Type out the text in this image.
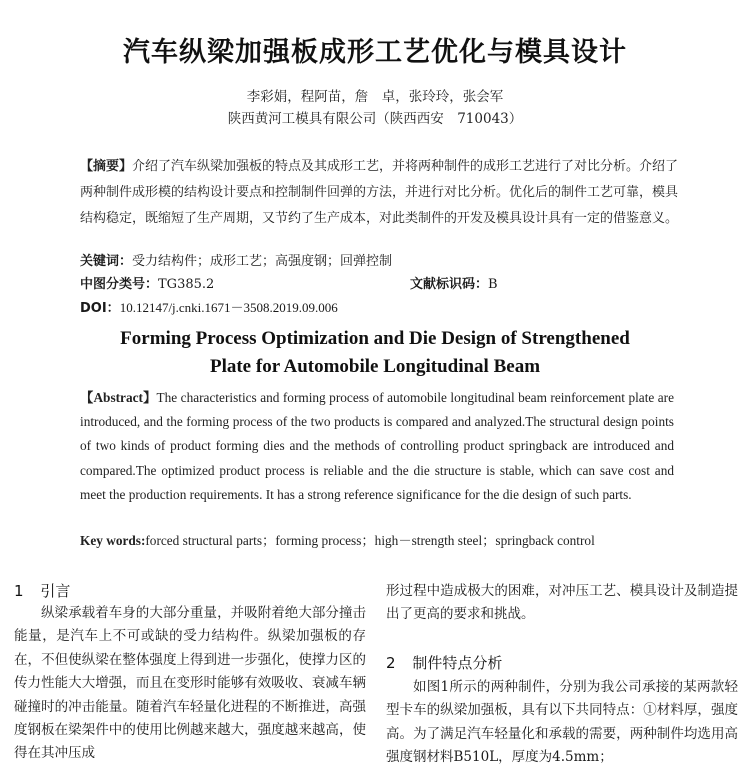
汽车纵梁加强板成形工艺优化与模具设计
李彩娟，程阿苗，詹　卓，张玲玲，张会军
陕西黄河工模具有限公司（陕西西安　710043）
【摘要】介绍了汽车纵梁加强板的特点及其成形工艺，并将两种制件的成形工艺进行了对比分析。介绍了两种制件成形模的结构设计要点和控制制件回弹的方法，并进行对比分析。优化后的制件工艺可靠，模具结构稳定，既缩短了生产周期，又节约了生产成本，对此类制件的开发及模具设计具有一定的借鉴意义。
关键词：受力结构件；成形工艺；高强度钢；回弹控制
中图分类号：TG385.2	文献标识码：B
DOI：10.12147/j.cnki.1671－3508.2019.09.006
Forming Process Optimization and Die Design of Strengthened
Plate for Automobile Longitudinal Beam
【Abstract】The characteristics and forming process of automobile longitudinal beam reinforcement plate are introduced, and the forming process of the two products is compared and analyzed.The structural design points of two kinds of product forming dies and the methods of controlling product springback are introduced and compared.The optimized product process is reliable and the die structure is stable, which can save cost and meet the production requirements. It has a strong reference significance for the die design of such parts.
Key words:forced structural parts；forming process；high－strength steel；springback control
1 引言
纵梁承载着车身的大部分重量，并吸附着绝大部分撞击能量，是汽车上不可或缺的受力结构件。纵梁加强板的存在，不但使纵梁在整体强度上得到进一步强化，使撑力区的传力性能大大增强，而且在变形时能够有效吸收、衰减车辆碰撞时的冲击能量。随着汽车轻量化进程的不断推进，高强度钢板在梁架件中的使用比例越来越大，强度越来越高，使得在其冲压成
形过程中造成极大的困难，对冲压工艺、模具设计及制造提出了更高的要求和挑战。
2 制件特点分析
如图1所示的两种制件，分别为我公司承接的某两款轻型卡车的纵梁加强板，具有以下共同特点：①材料厚，强度高。为了满足汽车轻量化和承载的需要，两种制件均选用高强度钢材料B510L，厚度为4.5mm；
